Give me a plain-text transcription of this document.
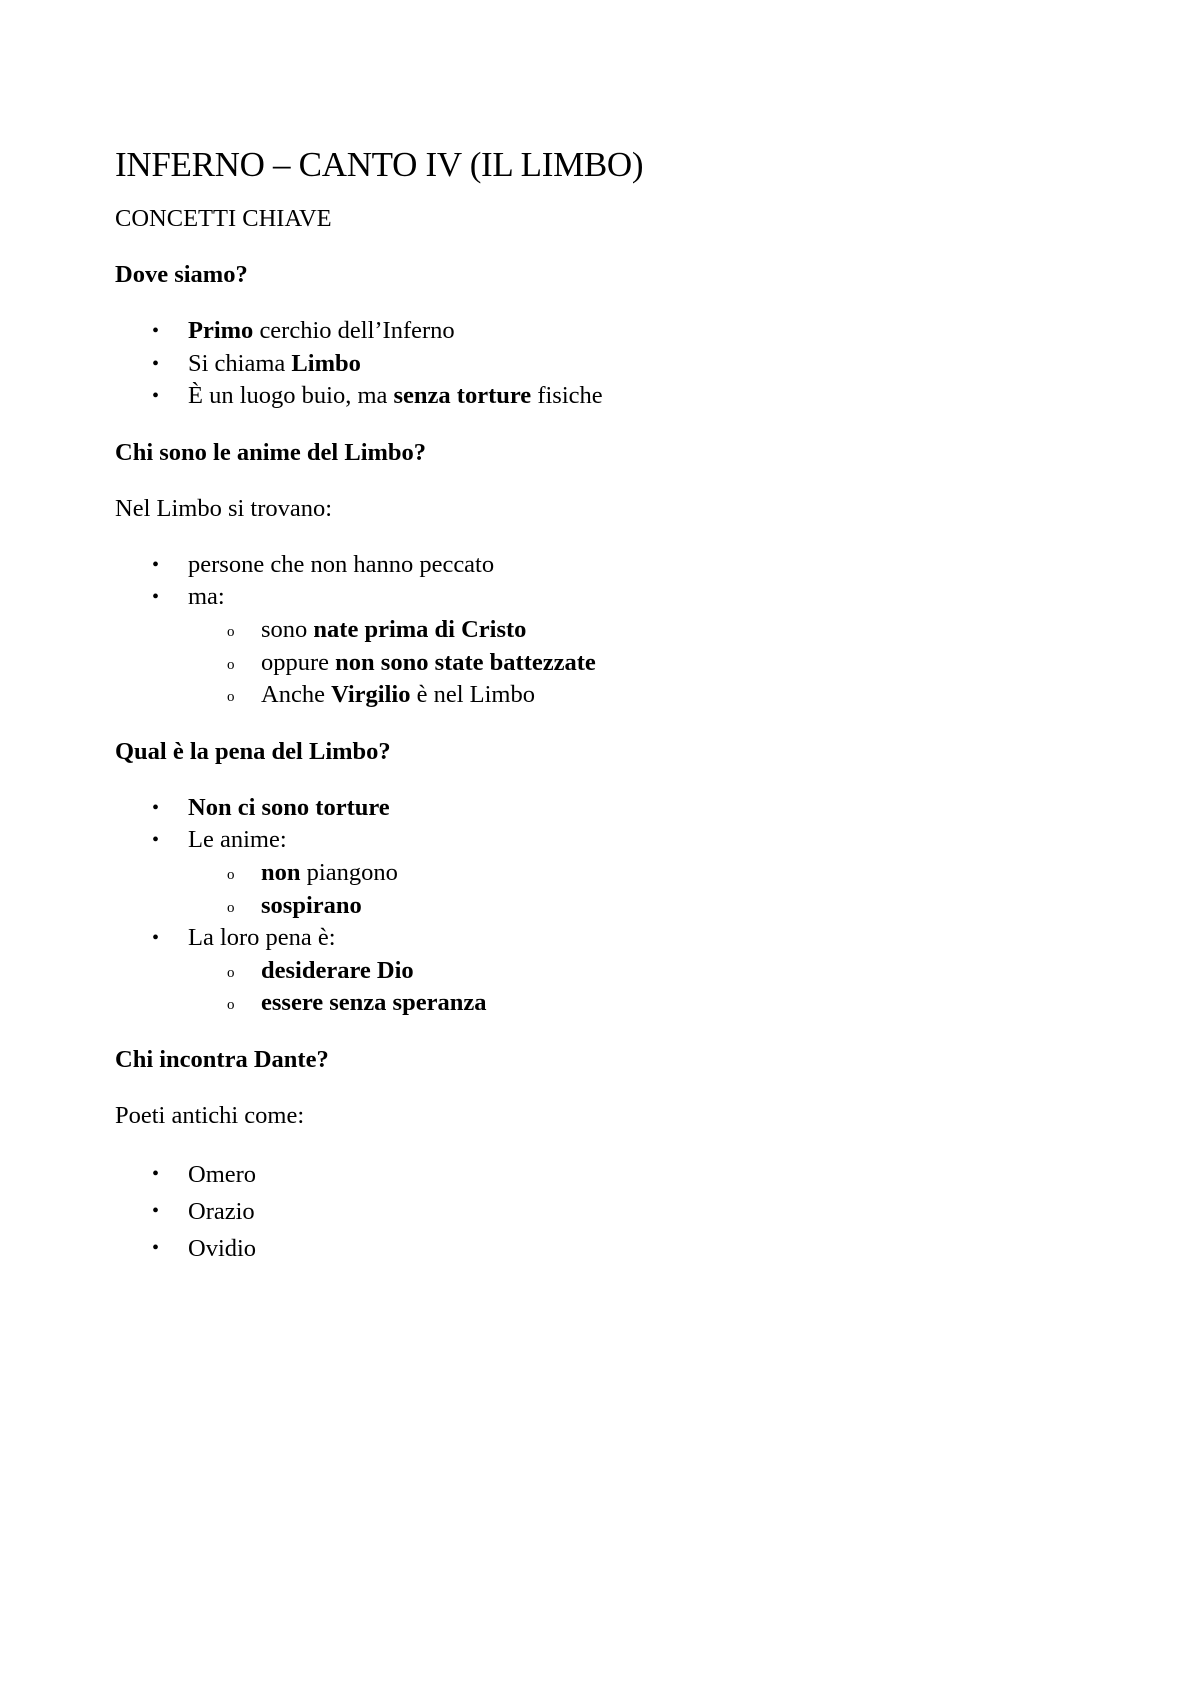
INFERNO – CANTO IV (IL LIMBO)
CONCETTI CHIAVE
Dove siamo?
• Primo cerchio dell’Inferno
• Si chiama Limbo
• È un luogo buio, ma senza torture fisiche
Chi sono le anime del Limbo?
Nel Limbo si trovano:
• persone che non hanno peccato
• ma:
o sono nate prima di Cristo
o oppure non sono state battezzate
o Anche Virgilio è nel Limbo
Qual è la pena del Limbo?
• Non ci sono torture
• Le anime:
o non piangono
o sospirano
• La loro pena è:
o desiderare Dio
o essere senza speranza
Chi incontra Dante?
Poeti antichi come:
• Omero
• Orazio
• Ovidio
